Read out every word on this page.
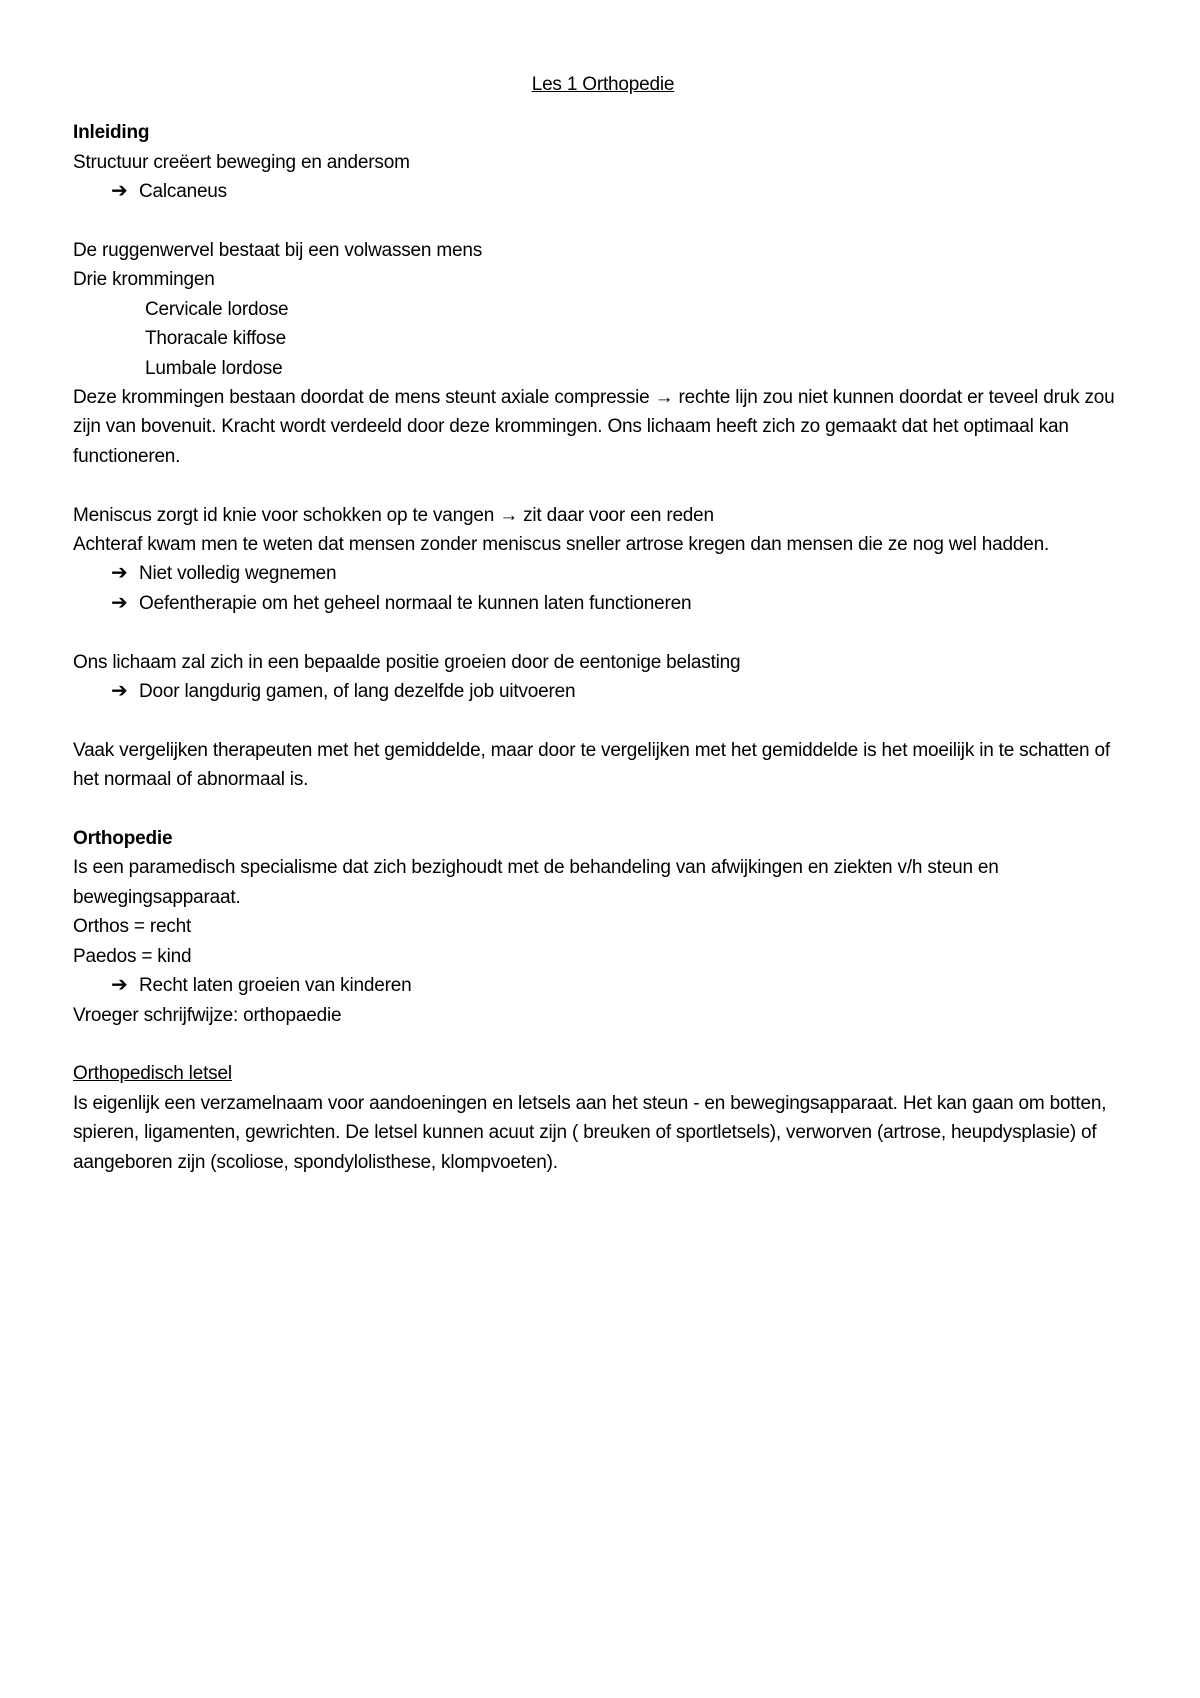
Les 1 Orthopedie

Inleiding

Structuur creëert beweging en andersom

➔ Calcaneus

De ruggenwervel bestaat bij een volwassen mens

Drie krommingen

Cervicale lordose

Thoracale kiffose

Lumbale lordose

Deze krommingen bestaan doordat de mens steunt axiale compressie → rechte lijn zou niet kunnen doordat er teveel druk zou zijn van bovenuit. Kracht wordt verdeeld door deze krommingen. Ons lichaam heeft zich zo gemaakt dat het optimaal kan functioneren.

Meniscus zorgt id knie voor schokken op te vangen → zit daar voor een reden

Achteraf kwam men te weten dat mensen zonder meniscus sneller artrose kregen dan mensen die ze nog wel hadden.

➔ Niet volledig wegnemen

➔ Oefentherapie om het geheel normaal te kunnen laten functioneren

Ons lichaam zal zich in een bepaalde positie groeien door de eentonige belasting

➔ Door langdurig gamen, of lang dezelfde job uitvoeren

Vaak vergelijken therapeuten met het gemiddelde, maar door te vergelijken met het gemiddelde is het moeilijk in te schatten of het normaal of abnormaal is.

Orthopedie

Is een paramedisch specialisme dat zich bezighoudt met de behandeling van afwijkingen en ziekten v/h steun en bewegingsapparaat.

Orthos = recht

Paedos = kind

➔ Recht laten groeien van kinderen

Vroeger schrijfwijze: orthopaedie

Orthopedisch letsel

Is eigenlijk een verzamelnaam voor aandoeningen en letsels aan het steun - en bewegingsapparaat. Het kan gaan om botten, spieren, ligamenten, gewrichten. De letsel kunnen acuut zijn ( breuken of sportletsels), verworven (artrose, heupdysplasie) of aangeboren zijn (scoliose, spondylolisthese, klompvoeten).
